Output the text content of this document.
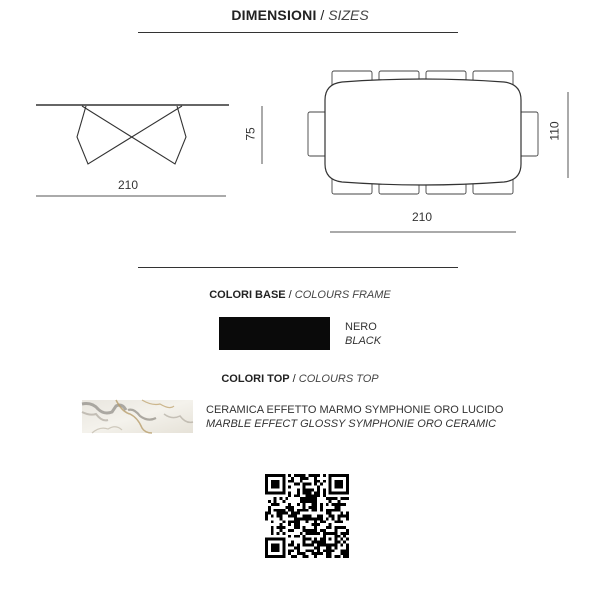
DIMENSIONI / SIZES
210
75
210
110
COLORI BASE / COLOURS FRAME
NERO
BLACK
COLORI TOP / COLOURS TOP
CERAMICA EFFETTO MARMO SYMPHONIE ORO LUCIDO
MARBLE EFFECT GLOSSY SYMPHONIE ORO CERAMIC
